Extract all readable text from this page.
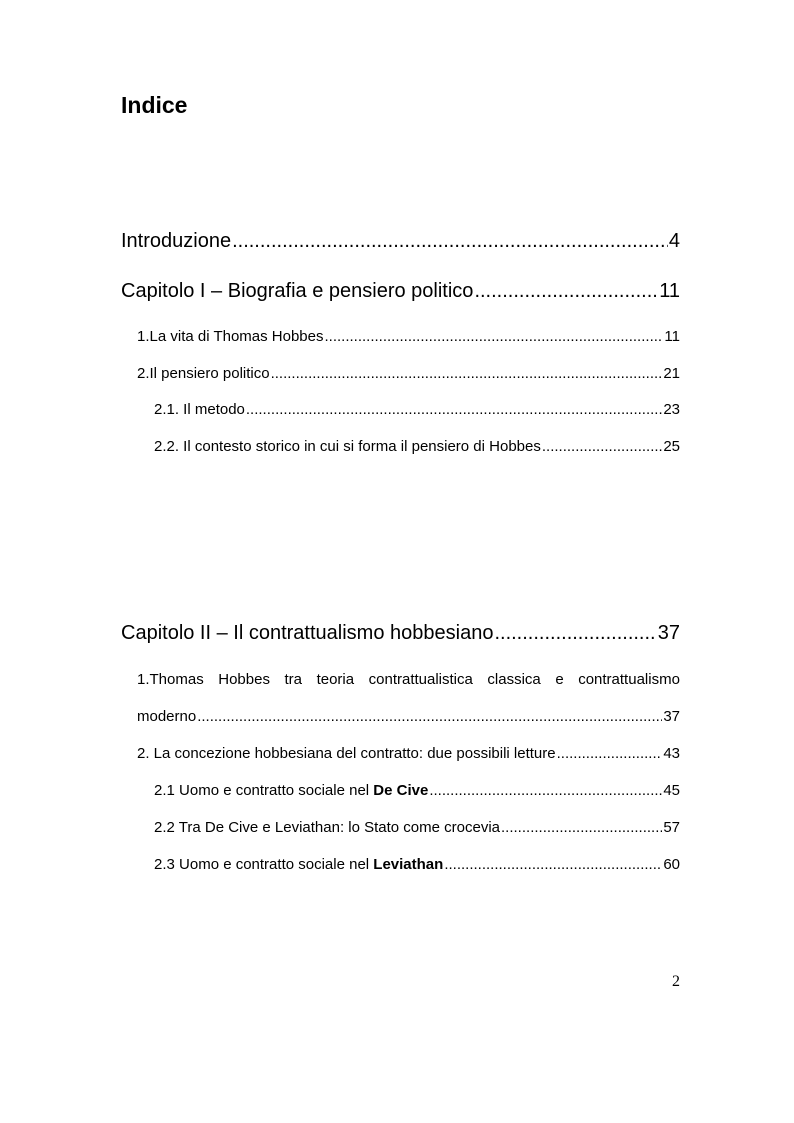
Indice
Introduzione .....	4
Capitolo I – Biografia e pensiero politico .....	11
1.La vita di Thomas Hobbes .....	11
2.Il pensiero politico .....	21
2.1. Il metodo .....	23
2.2. Il contesto storico in cui si forma il pensiero di Hobbes .....	25
Capitolo II – Il contrattualismo hobbesiano .....	37
1.Thomas Hobbes tra teoria contrattualistica classica e contrattualismo
moderno .....	37
2. La concezione hobbesiana del contratto: due possibili letture .....	43
2.1 Uomo e contratto sociale nel De Cive .....	45
2.2 Tra De Cive e Leviathan: lo Stato come crocevia .....	57
2.3 Uomo e contratto sociale nel Leviathan .....	60
2
